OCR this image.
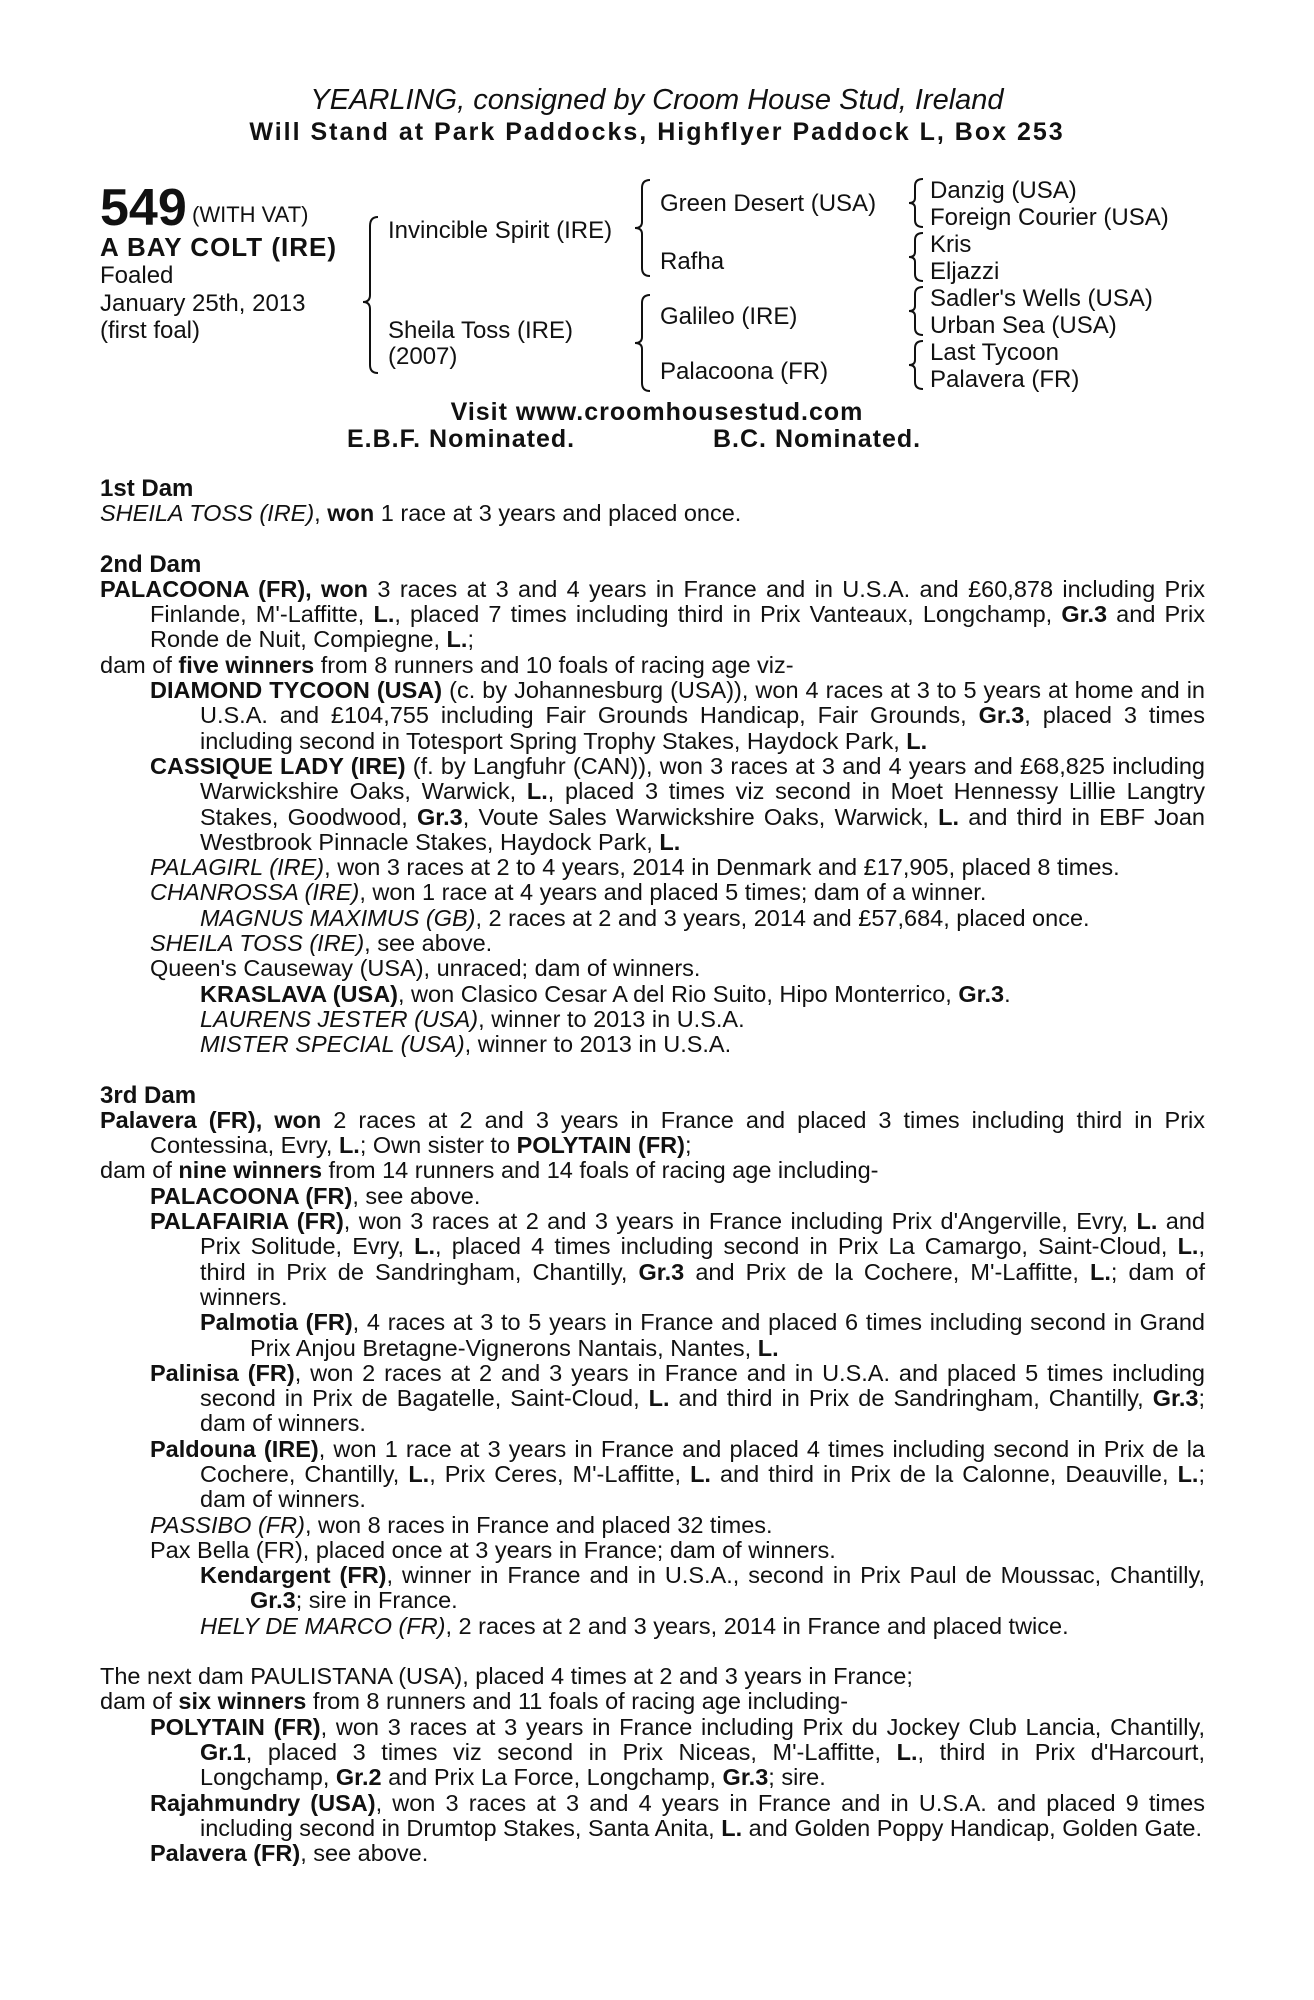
YEARLING, consigned by Croom House Stud, Ireland
Will Stand at Park Paddocks, Highflyer Paddock L, Box 253
549 (WITH VAT)
A BAY COLT (IRE)
Foaled
January 25th, 2013
(first foal)
Invincible Spirit (IRE)
Sheila Toss (IRE)
(2007)
Green Desert (USA)
Rafha
Galileo (IRE)
Palacoona (FR)
Danzig (USA)
Foreign Courier (USA)
Kris
Eljazzi
Sadler's Wells (USA)
Urban Sea (USA)
Last Tycoon
Palavera (FR)
Visit www.croomhousestud.com
E.B.F. Nominated.	B.C. Nominated.
1st Dam
SHEILA TOSS (IRE), won 1 race at 3 years and placed once.
2nd Dam
PALACOONA (FR), won 3 races at 3 and 4 years in France and in U.S.A. and £60,878 including Prix Finlande, M'-Laffitte, L., placed 7 times including third in Prix Vanteaux, Longchamp, Gr.3 and Prix Ronde de Nuit, Compiegne, L.;
dam of five winners from 8 runners and 10 foals of racing age viz-
DIAMOND TYCOON (USA) (c. by Johannesburg (USA)), won 4 races at 3 to 5 years at home and in U.S.A. and £104,755 including Fair Grounds Handicap, Fair Grounds, Gr.3, placed 3 times including second in Totesport Spring Trophy Stakes, Haydock Park, L.
CASSIQUE LADY (IRE) (f. by Langfuhr (CAN)), won 3 races at 3 and 4 years and £68,825 including Warwickshire Oaks, Warwick, L., placed 3 times viz second in Moet Hennessy Lillie Langtry Stakes, Goodwood, Gr.3, Voute Sales Warwickshire Oaks, Warwick, L. and third in EBF Joan Westbrook Pinnacle Stakes, Haydock Park, L.
PALAGIRL (IRE), won 3 races at 2 to 4 years, 2014 in Denmark and £17,905, placed 8 times.
CHANROSSA (IRE), won 1 race at 4 years and placed 5 times; dam of a winner.
MAGNUS MAXIMUS (GB), 2 races at 2 and 3 years, 2014 and £57,684, placed once.
SHEILA TOSS (IRE), see above.
Queen's Causeway (USA), unraced; dam of winners.
KRASLAVA (USA), won Clasico Cesar A del Rio Suito, Hipo Monterrico, Gr.3.
LAURENS JESTER (USA), winner to 2013 in U.S.A.
MISTER SPECIAL (USA), winner to 2013 in U.S.A.
3rd Dam
Palavera (FR), won 2 races at 2 and 3 years in France and placed 3 times including third in Prix Contessina, Evry, L.; Own sister to POLYTAIN (FR);
dam of nine winners from 14 runners and 14 foals of racing age including-
PALACOONA (FR), see above.
PALAFAIRIA (FR), won 3 races at 2 and 3 years in France including Prix d'Angerville, Evry, L. and Prix Solitude, Evry, L., placed 4 times including second in Prix La Camargo, Saint-Cloud, L., third in Prix de Sandringham, Chantilly, Gr.3 and Prix de la Cochere, M'-Laffitte, L.; dam of winners.
Palmotia (FR), 4 races at 3 to 5 years in France and placed 6 times including second in Grand Prix Anjou Bretagne-Vignerons Nantais, Nantes, L.
Palinisa (FR), won 2 races at 2 and 3 years in France and in U.S.A. and placed 5 times including second in Prix de Bagatelle, Saint-Cloud, L. and third in Prix de Sandringham, Chantilly, Gr.3; dam of winners.
Paldouna (IRE), won 1 race at 3 years in France and placed 4 times including second in Prix de la Cochere, Chantilly, L., Prix Ceres, M'-Laffitte, L. and third in Prix de la Calonne, Deauville, L.; dam of winners.
PASSIBO (FR), won 8 races in France and placed 32 times.
Pax Bella (FR), placed once at 3 years in France; dam of winners.
Kendargent (FR), winner in France and in U.S.A., second in Prix Paul de Moussac, Chantilly, Gr.3; sire in France.
HELY DE MARCO (FR), 2 races at 2 and 3 years, 2014 in France and placed twice.
The next dam PAULISTANA (USA), placed 4 times at 2 and 3 years in France;
dam of six winners from 8 runners and 11 foals of racing age including-
POLYTAIN (FR), won 3 races at 3 years in France including Prix du Jockey Club Lancia, Chantilly, Gr.1, placed 3 times viz second in Prix Niceas, M'-Laffitte, L., third in Prix d'Harcourt, Longchamp, Gr.2 and Prix La Force, Longchamp, Gr.3; sire.
Rajahmundry (USA), won 3 races at 3 and 4 years in France and in U.S.A. and placed 9 times including second in Drumtop Stakes, Santa Anita, L. and Golden Poppy Handicap, Golden Gate.
Palavera (FR), see above.
